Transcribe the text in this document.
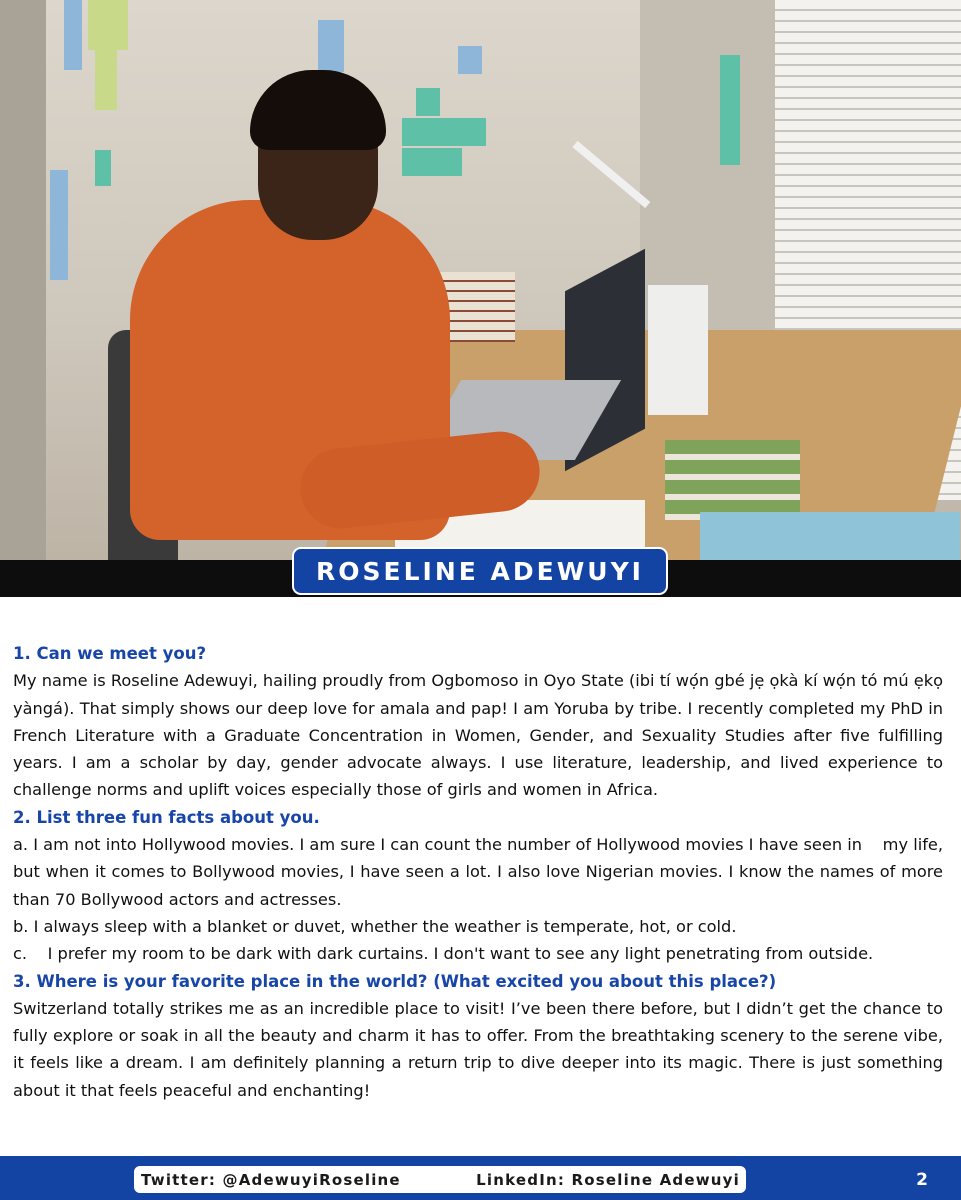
ROSELINE ADEWUYI
1. Can we meet you?
My name is Roseline Adewuyi, hailing proudly from Ogbomoso in Oyo State (ibi tí wọ́n gbé jẹ ọkà kí wọ́n tó mú ẹkọ yàngá). That simply shows our deep love for amala and pap! I am Yoruba by tribe. I recently completed my PhD in French Literature with a Graduate Concentration in Women, Gender, and Sexuality Studies after five fulfilling years. I am a scholar by day, gender advocate always. I use literature, leadership, and lived experience to challenge norms and uplift voices especially those of girls and women in Africa.
2. List three fun facts about you.
a. I am not into Hollywood movies. I am sure I can count the number of Hollywood movies I have seen in    my life, but when it comes to Bollywood movies, I have seen a lot. I also love Nigerian movies. I know the names of more than 70 Bollywood actors and actresses.
b. I always sleep with a blanket or duvet, whether the weather is temperate, hot, or cold.
c.    I prefer my room to be dark with dark curtains. I don't want to see any light penetrating from outside.
3. Where is your favorite place in the world? (What excited you about this place?)
Switzerland totally strikes me as an incredible place to visit! I’ve been there before, but I didn’t get the chance to fully explore or soak in all the beauty and charm it has to offer. From the breathtaking scenery to the serene vibe, it feels like a dream. I am definitely planning a return trip to dive deeper into its magic. There is just something about it that feels peaceful and enchanting!
Twitter: @AdewuyiRoseline	LinkedIn: Roseline Adewuyi	2
